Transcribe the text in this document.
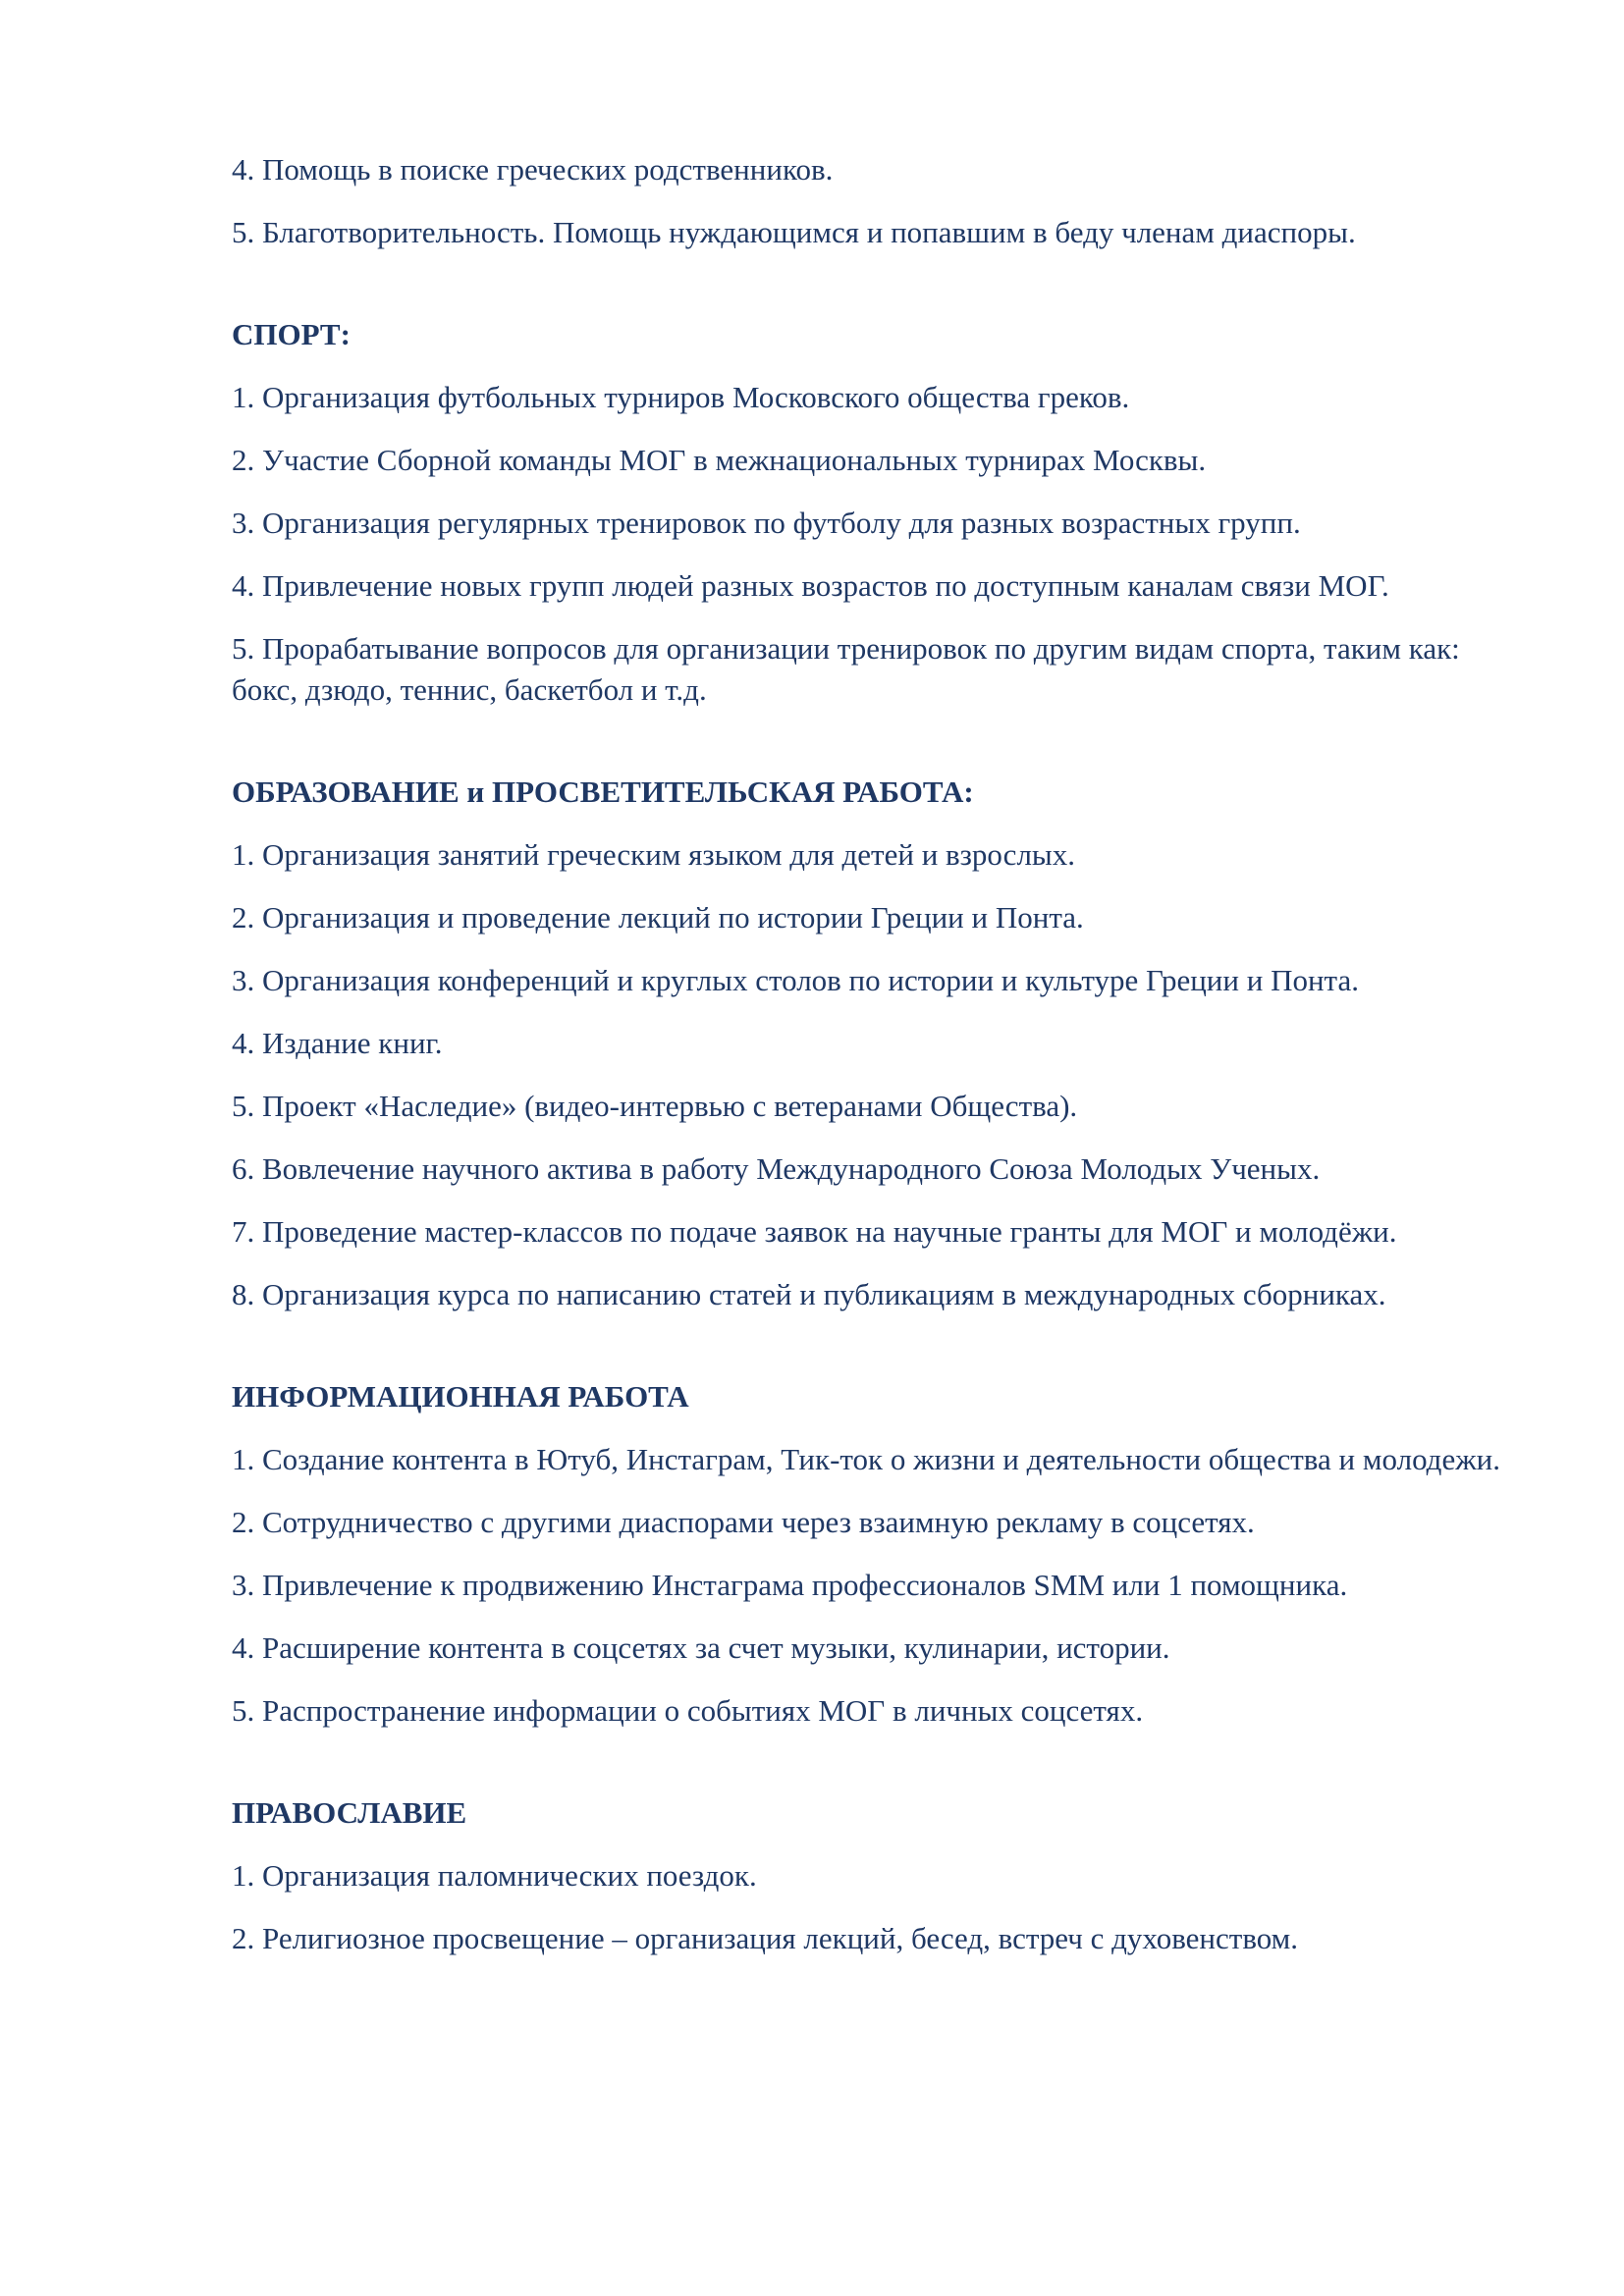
4. Помощь в поиске греческих родственников.

5. Благотворительность. Помощь нуждающимся и попавшим в беду членам диаспоры.

СПОРТ:

1. Организация футбольных турниров Московского общества греков.

2. Участие Сборной команды МОГ в межнациональных турнирах Москвы.

3. Организация регулярных тренировок по футболу для разных возрастных групп.

4. Привлечение новых групп людей разных возрастов по доступным каналам связи МОГ.

5. Прорабатывание вопросов для организации тренировок по другим видам спорта, таким как: бокс, дзюдо, теннис, баскетбол и т.д.

ОБРАЗОВАНИЕ и ПРОСВЕТИТЕЛЬСКАЯ РАБОТА:

1. Организация занятий греческим языком для детей и взрослых.

2. Организация и проведение лекций по истории Греции и Понта.

3. Организация конференций и круглых столов по истории и культуре Греции и Понта.

4. Издание книг.

5. Проект «Наследие» (видео-интервью с ветеранами Общества).

6. Вовлечение научного актива в работу Международного Союза Молодых Ученых.

7. Проведение мастер-классов по подаче заявок на научные гранты для МОГ и молодёжи.

8. Организация курса по написанию статей и публикациям в международных сборниках.

ИНФОРМАЦИОННАЯ РАБОТА

1. Создание контента в Ютуб, Инстаграм, Тик-ток о жизни и деятельности общества и молодежи.

2. Сотрудничество с другими диаспорами через взаимную рекламу в соцсетях.

3. Привлечение к продвижению Инстаграма профессионалов SMM или 1 помощника.

4. Расширение контента в соцсетях за счет музыки, кулинарии, истории.

5. Распространение информации о событиях МОГ в личных соцсетях.

ПРАВОСЛАВИЕ

1. Организация паломнических поездок.

2. Религиозное просвещение – организация лекций, бесед, встреч с духовенством.
